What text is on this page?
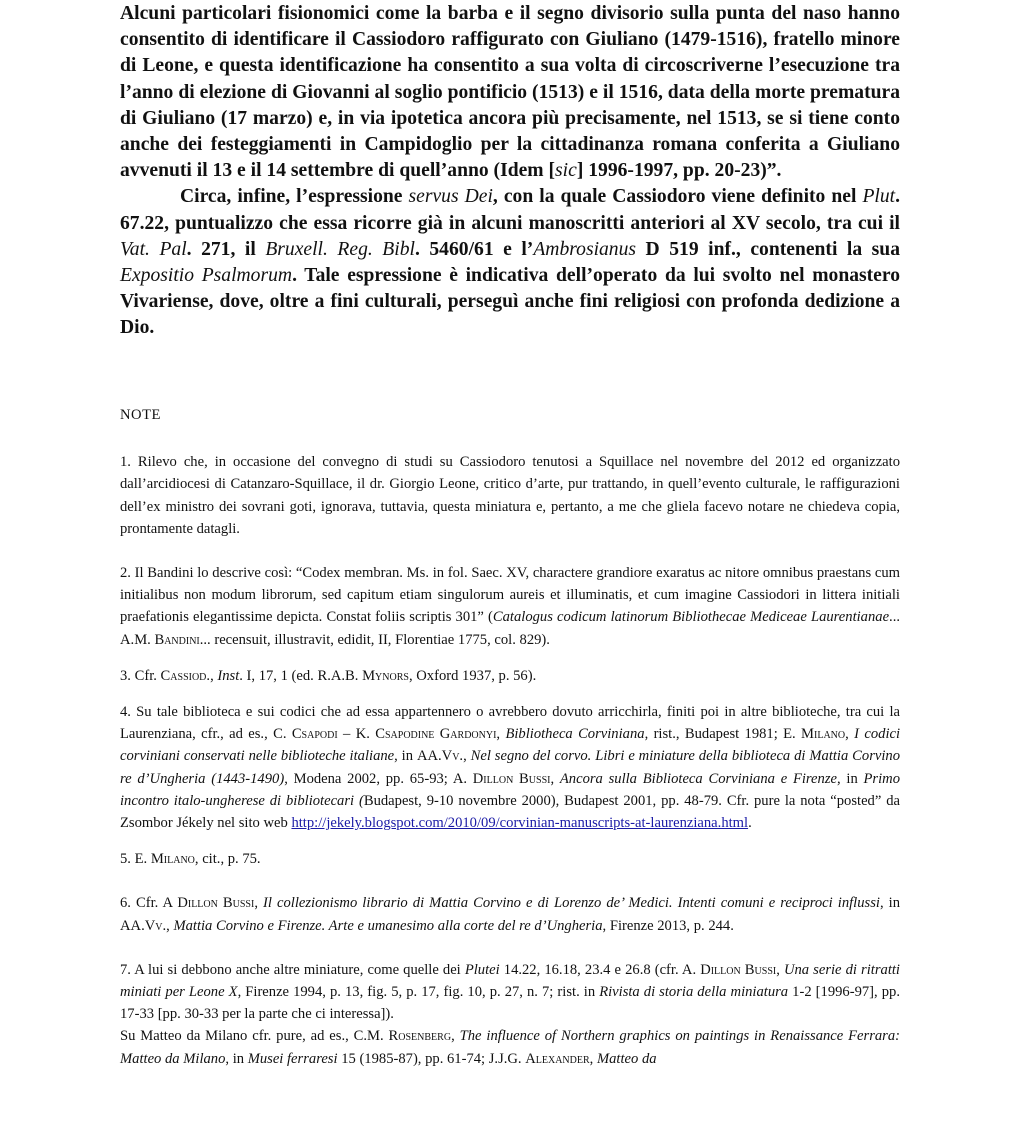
Alcuni particolari fisionomici come la barba e il segno divisorio sulla punta del naso hanno consentito di identificare il Cassiodoro raffigurato con Giuliano (1479-1516), fratello minore di Leone, e questa identificazione ha consentito a sua volta di circoscriverne l’esecuzione tra l’anno di elezione di Giovanni al soglio pontificio (1513) e il 1516, data della morte prematura di Giuliano (17 marzo) e, in via ipotetica ancora più precisamente, nel 1513, se si tiene conto anche dei festeggiamenti in Campidoglio per la cittadinanza romana conferita a Giuliano avvenuti il 13 e il 14 settembre di quell’anno (Idem [sic] 1996-1997, pp. 20-23)”.

Circa, infine, l’espressione servus Dei, con la quale Cassiodoro viene definito nel Plut. 67.22, puntualizzo che essa ricorre già in alcuni manoscritti anteriori al XV secolo, tra cui il Vat. Pal. 271, il Bruxell. Reg. Bibl. 5460/61 e l’Ambrosianus D 519 inf., contenenti la sua Expositio Psalmorum. Tale espressione è indicativa dell’operato da lui svolto nel monastero Vivariense, dove, oltre a fini culturali, perseguì anche fini religiosi con profonda dedizione a Dio.

NOTE

1. Rilevo che, in occasione del convegno di studi su Cassiodoro tenutosi a Squillace nel novembre del 2012 ed organizzato dall’arcidiocesi di Catanzaro-Squillace, il dr. Giorgio Leone, critico d’arte, pur trattando, in quell’evento culturale, le raffigurazioni dell’ex ministro dei sovrani goti, ignorava, tuttavia, questa miniatura e, pertanto, a me che gliela facevo notare ne chiedeva copia, prontamente datagli.

2. Il Bandini lo descrive così: “Codex membran. Ms. in fol. Saec. XV, charactere grandiore exaratus ac nitore omnibus praestans cum initialibus non modum librorum, sed capitum etiam singulorum aureis et illuminatis, et cum imagine Cassiodori in littera initiali praefationis elegantissime depicta. Constat foliis scriptis 301” (Catalogus codicum latinorum Bibliothecae Mediceae Laurentianae... A.M. Bandini... recensuit, illustravit, edidit, II, Florentiae 1775, col. 829).

3. Cfr. Cassiod., Inst. I, 17, 1 (ed. R.A.B. Mynors, Oxford 1937, p. 56).

4. Su tale biblioteca e sui codici che ad essa appartennero o avrebbero dovuto arricchirla, finiti poi in altre biblioteche, tra cui la Laurenziana, cfr., ad es., C. Csapodi – K. Csapodine Gardonyi, Bibliotheca Corviniana, rist., Budapest 1981; E. Milano, I codici corviniani conservati nelle biblioteche italiane, in AA.Vv., Nel segno del corvo. Libri e miniature della biblioteca di Mattia Corvino re d’Ungheria (1443-1490), Modena 2002, pp. 65-93; A. Dillon Bussi, Ancora sulla Biblioteca Corviniana e Firenze, in Primo incontro italo-ungherese di bibliotecari (Budapest, 9-10 novembre 2000), Budapest 2001, pp. 48-79. Cfr. pure la nota “posted” da Zsombor Jékely nel sito web http://jekely.blogspot.com/2010/09/corvinian-manuscripts-at-laurenziana.html.

5. E. Milano, cit., p. 75.

6. Cfr. A Dillon Bussi, Il collezionismo librario di Mattia Corvino e di Lorenzo de’ Medici. Intenti comuni e reciproci influssi, in AA.Vv., Mattia Corvino e Firenze. Arte e umanesimo alla corte del re d’Ungheria, Firenze 2013, p. 244.

7. A lui si debbono anche altre miniature, come quelle dei Plutei 14.22, 16.18, 23.4 e 26.8 (cfr. A. Dillon Bussi, Una serie di ritratti miniati per Leone X, Firenze 1994, p. 13, fig. 5, p. 17, fig. 10, p. 27, n. 7; rist. in Rivista di storia della miniatura 1-2 [1996-97], pp. 17-33 [pp. 30-33 per la parte che ci interessa]).

Su Matteo da Milano cfr. pure, ad es., C.M. Rosenberg, The influence of Northern graphics on paintings in Renaissance Ferrara: Matteo da Milano, in Musei ferraresi 15 (1985-87), pp. 61-74; J.J.G. Alexander, Matteo da
